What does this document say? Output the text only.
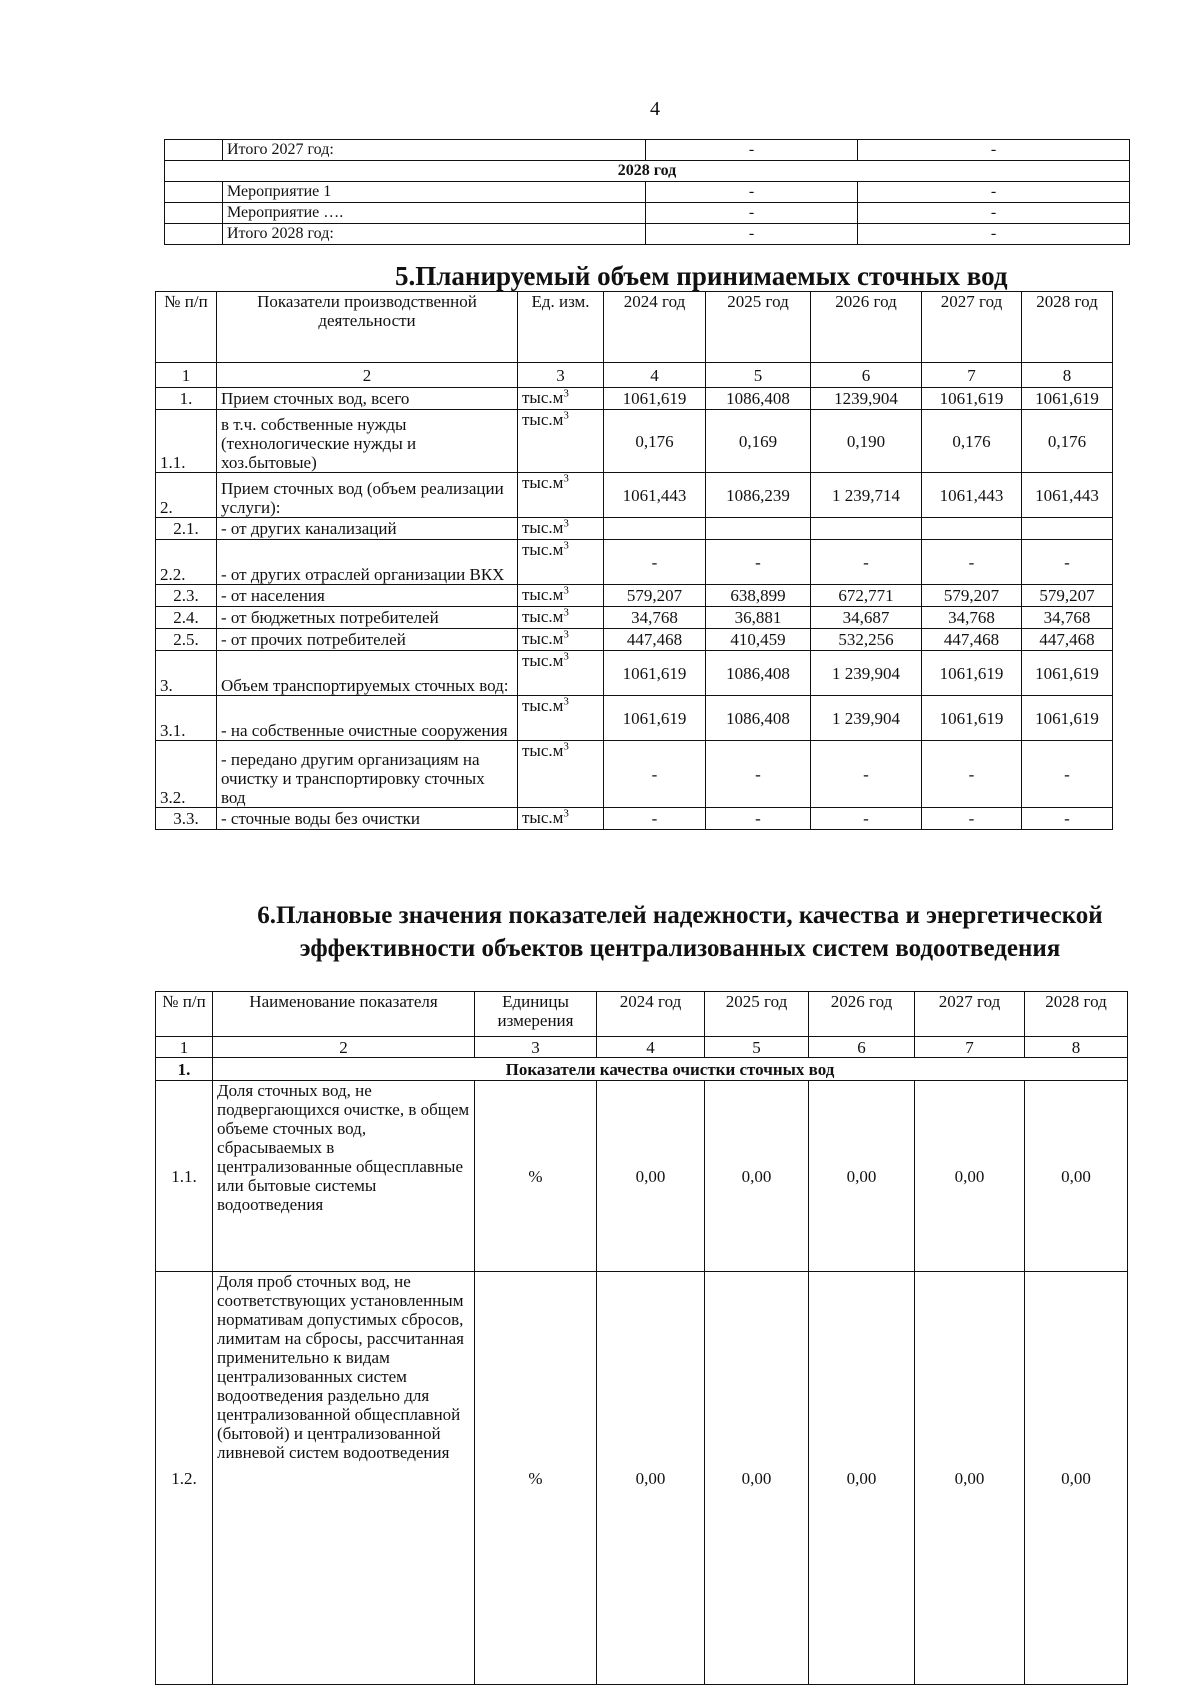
4
	Итого 2027 год:	-	-
2028 год			
	Мероприятие 1	-	-
	Мероприятие ….	-	-
	Итого 2028 год:	-	-
5.Планируемый объем принимаемых сточных вод
№ п/п	Показатели производственной деятельности	Ед. изм.	2024 год	2025 год	2026 год	2027 год	2028 год
1	2	3	4	5	6	7	8
1.	Прием сточных вод, всего	$тыс.м^3$	1061,619	1086,408	1239,904	1061,619	1061,619
1.1.	в т.ч. собственные нужды (технологические нужды и хоз.бытовые)	$тыс.м^3$	0,176	0,169	0,190	0,176	0,176
2.	Прием сточных вод (объем реализации услуги):	$тыс.м^3$	1061,443	1086,239	1 239,714	1061,443	1061,443
2.1.	- от других канализаций	$тыс.м^3$					
2.2.	- от других отраслей организации ВКХ	$тыс.м^3$	-	-	-	-	-
2.3.	- от населения	$тыс.м^3$	579,207	638,899	672,771	579,207	579,207
2.4.	- от бюджетных потребителей	$тыс.м^3$	34,768	36,881	34,687	34,768	34,768
2.5.	- от прочих потребителей	$тыс.м^3$	447,468	410,459	532,256	447,468	447,468
3.	Объем транспортируемых сточных вод:	$тыс.м^3$	1061,619	1086,408	1 239,904	1061,619	1061,619
3.1.	- на собственные очистные сооружения	$тыс.м^3$	1061,619	1086,408	1 239,904	1061,619	1061,619
3.2.	- передано другим организациям на очистку и транспортировку сточных вод	$тыс.м^3$	-	-	-	-	-
3.3.	- сточные воды без очистки	$тыс.м^3$	-	-	-	-	-
6.Плановые значения показателей надежности, качества и энергетической эффективности объектов централизованных систем водоотведения
№ п/п	Наименование показателя	Единицы измерения	2024 год	2025 год	2026 год	2027 год	2028 год
1	2	3	4	5	6	7	8
1.	Показатели качества очистки сточных вод						
1.1.	Доля сточных вод, не подвергающихся очистке, в общем объеме сточных вод, сбрасываемых в централизованные общесплавные или бытовые системы водоотведения	%	0,00	0,00	0,00	0,00	0,00
1.2.	Доля проб сточных вод, не соответствующих установленным нормативам допустимых сбросов, лимитам на сбросы, рассчитанная применительно к видам централизованных систем водоотведения раздельно для централизованной общесплавной (бытовой) и централизованной ливневой систем водоотведения	%	0,00	0,00	0,00	0,00	0,00
